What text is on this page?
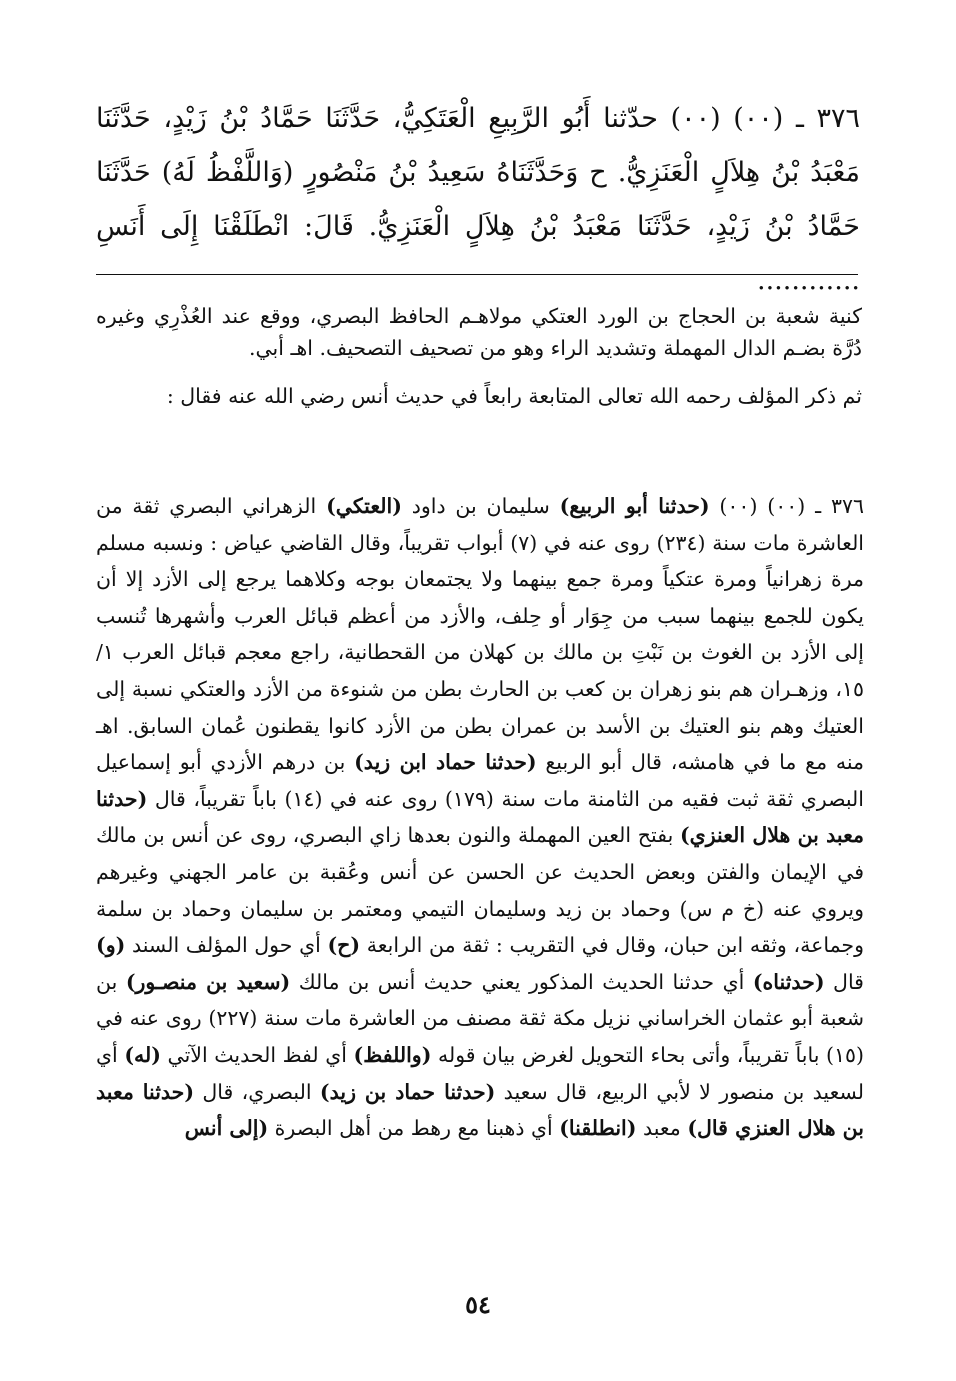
٣٧٦ ـ (٠٠) (٠٠) حدّثنا أَبُو الرَّبِيعِ الْعَتَكِيُّ، حَدَّثَنَا حَمَّادُ بْنُ زَيْدٍ، حَدَّثَنَا مَعْبَدُ بْنُ هِلاَلٍ الْعَنَزِيُّ. ح وَحَدَّثَنَاهُ سَعِيدُ بْنُ مَنْصُورٍ (وَاللَّفْظُ لَهُ) حَدَّثَنَا حَمَّادُ بْنُ زَيْدٍ، حَدَّثَنَا مَعْبَدُ بْنُ هِلاَلٍ الْعَنَزِيُّ. قَالَ: انْطَلَقْنَا إِلَى أَنَسِ ............

كنية شعبة بن الحجاج بن الورد العتكي مولاهـم الحافظ البصري، ووقع عند العُذْرِي وغيره دُرَّة بضـم الدال المهملة وتشديد الراء وهو من تصحيف التصحيف. اهـ أبي.

ثم ذكر المؤلف رحمه الله تعالى المتابعة رابعاً في حديث أنس رضي الله عنه فقال :

٣٧٦ ـ (٠٠) (٠٠) (حدثنا أبو الربيع) سليمان بن داود (العتكي) الزهراني البصري ثقة من العاشرة مات سنة (٢٣٤) روى عنه في (٧) أبواب تقريباً، وقال القاضي عياض : ونسبه مسلم مرة زهرانياً ومرة عتكياً ومرة جمع بينهما ولا يجتمعان بوجه وكلاهما يرجع إلى الأزد إلا أن يكون للجمع بينهما سبب من جِوَار أو حِلف، والأزد من أعظم قبائل العرب وأشهرها تُنسب إلى الأزد بن الغوث بن نَبْتِ بن مالك بن كهلان من القحطانية، راجع معجم قبائل العرب ١/ ١٥، وزهـران هم بنو زهران بن كعب بن الحارث بطن من شنوءة من الأزد والعتكي نسبة إلى العتيك وهم بنو العتيك بن الأسد بن عمران بطن من الأزد كانوا يقطنون عُمان السابق. اهـ منه مع ما في هامشه، قال أبو الربيع (حدثنا حماد ابن زيد) بن درهم الأزدي أبو إسماعيل البصري ثقة ثبت فقيه من الثامنة مات سنة (١٧٩) روى عنه في (١٤) باباً تقريباً، قال (حدثنا معبد بن هلال العنزي) بفتح العين المهملة والنون بعدها زاي البصري، روى عن أنس بن مالك في الإيمان والفتن وبعض الحديث عن الحسن عن أنس وعُقبة بن عامر الجهني وغيرهم ويروي عنه (خ م س) وحماد بن زيد وسليمان التيمي ومعتمر بن سليمان وحماد بن سلمة وجماعة، وثقه ابن حبان، وقال في التقريب : ثقة من الرابعة (ح) أي حول المؤلف السند (و) قال (حدثناه) أي حدثنا الحديث المذكور يعني حديث أنس بن مالك (سعيد بن منصـور) بن شعبة أبو عثمان الخراساني نزيل مكة ثقة مصنف من العاشرة مات سنة (٢٢٧) روى عنه في (١٥) باباً تقريباً، وأتى بحاء التحويل لغرض بيان قوله (واللفظ) أي لفظ الحديث الآتي (له) أي لسعيد بن منصور لا لأبي الربيع، قال سعيد (حدثنا حماد بن زيد) البصري، قال (حدثنا معبد بن هلال العنزي قال) معبد (انطلقنا) أي ذهبنا مع رهط من أهل البصرة (إلى أنس

٥٤
